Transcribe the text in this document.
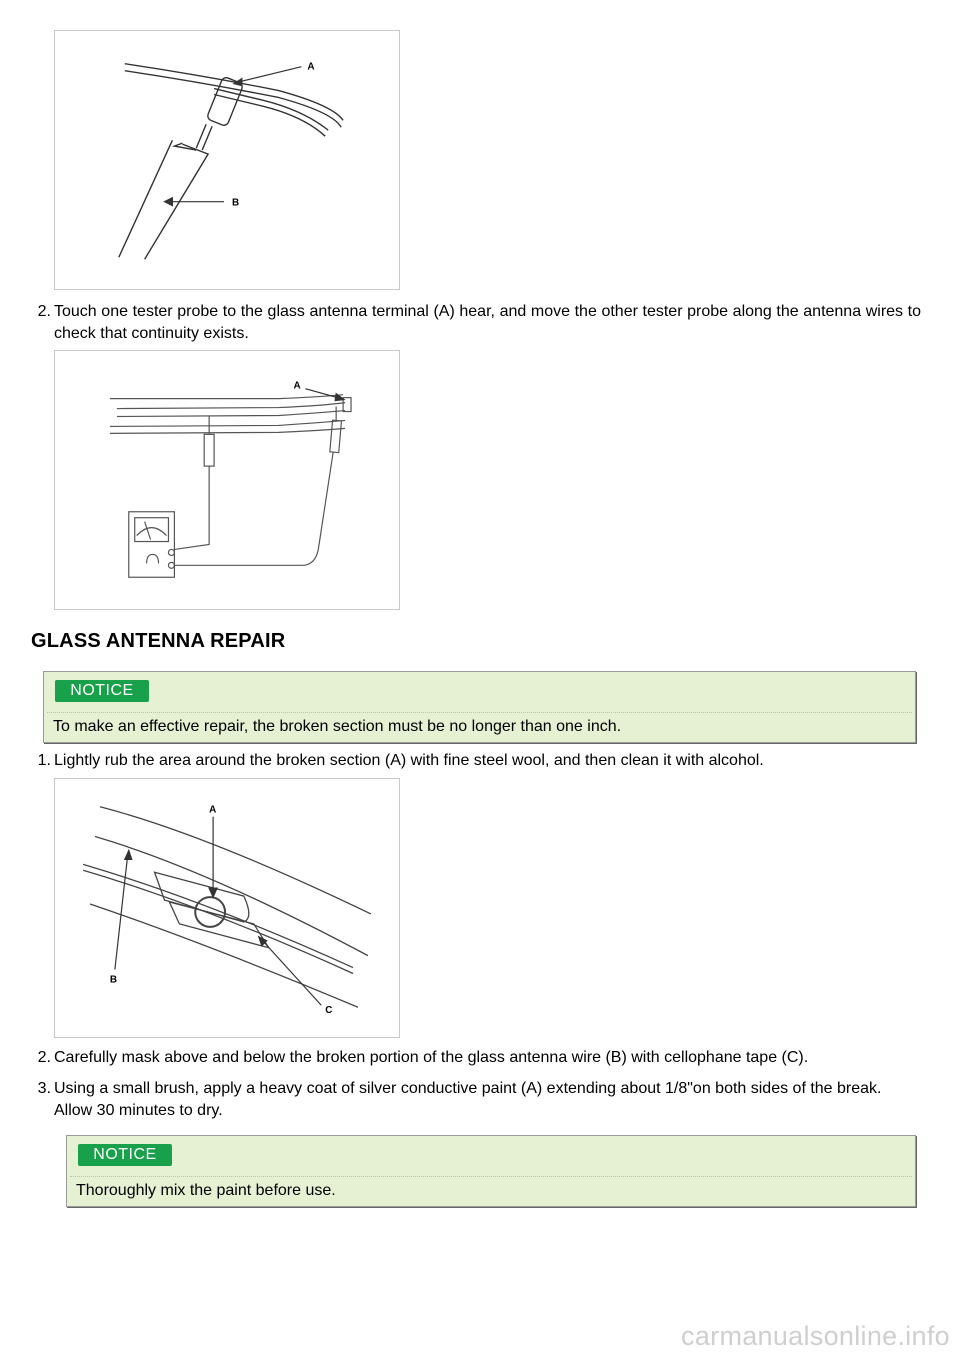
A
B
2. Touch one tester probe to the glass antenna terminal (A) hear, and move the other tester probe along the antenna wires to check that continuity exists.
A
GLASS ANTENNA REPAIR
NOTICE
To make an effective repair, the broken section must be no longer than one inch.
1. Lightly rub the area around the broken section (A) with fine steel wool, and then clean it with alcohol.
A
B
C
2. Carefully mask above and below the broken portion of the glass antenna wire (B) with cellophane tape (C).
3. Using a small brush, apply a heavy coat of silver conductive paint (A) extending about 1/8"on both sides of the break. Allow 30 minutes to dry.
NOTICE
Thoroughly mix the paint before use.
carmanualsonline.info
